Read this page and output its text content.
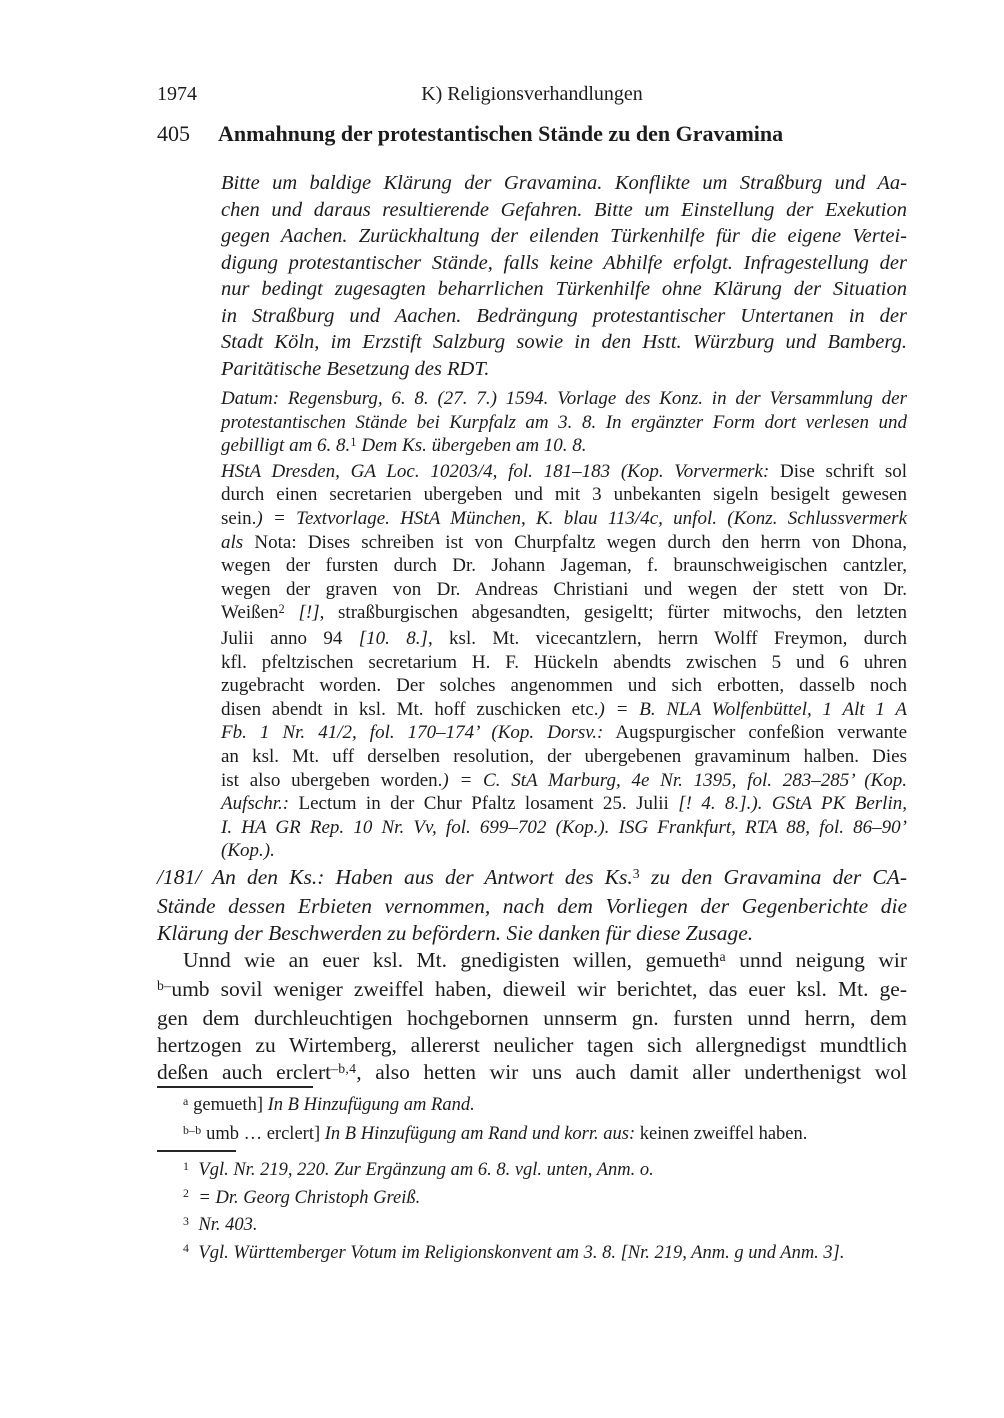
1974	K) Religionsverhandlungen
405 Anmahnung der protestantischen Stände zu den Gravamina
Bitte um baldige Klärung der Gravamina. Konflikte um Straßburg und Aa-
chen und daraus resultierende Gefahren. Bitte um Einstellung der Exekution
gegen Aachen. Zurückhaltung der eilenden Türkenhilfe für die eigene Vertei-
digung protestantischer Stände, falls keine Abhilfe erfolgt. Infragestellung der
nur bedingt zugesagten beharrlichen Türkenhilfe ohne Klärung der Situation
in Straßburg und Aachen. Bedrängung protestantischer Untertanen in der
Stadt Köln, im Erzstift Salzburg sowie in den Hstt. Würzburg und Bamberg.
Paritätische Besetzung des RDT.
Datum: Regensburg, 6. 8. (27. 7.) 1594. Vorlage des Konz. in der Versammlung der
protestantischen Stände bei Kurpfalz am 3. 8. In ergänzter Form dort verlesen und
gebilligt am 6. 8.$^1$ Dem Ks. übergeben am 10. 8.
HStA Dresden, GA Loc. 10203/4, fol. 181–183 (Kop. Vorvermerk: Dise schrift sol
durch einen secretarien ubergeben und mit 3 unbekanten sigeln besigelt gewesen
sein.) = Textvorlage. HStA München, K. blau 113/4c, unfol. (Konz. Schlussvermerk
als Nota: Dises schreiben ist von Churpfaltz wegen durch den herrn von Dhona,
wegen der fursten durch Dr. Johann Jageman, f. braunschweigischen cantzler,
wegen der graven von Dr. Andreas Christiani und wegen der stett von Dr.
Weißen$^2$ [!], straßburgischen abgesandten, gesigeltt; fürter mitwochs, den letzten
Julii anno 94 [10. 8.], ksl. Mt. vicecantzlern, herrn Wolff Freymon, durch
kfl. pfeltzischen secretarium H. F. Hückeln abendts zwischen 5 und 6 uhren
zugebracht worden. Der solches angenommen und sich erbotten, dasselb noch
disen abendt in ksl. Mt. hoff zuschicken etc.) = B. NLA Wolfenbüttel, 1 Alt 1 A
Fb. 1 Nr. 41/2, fol. 170–174’ (Kop. Dorsv.: Augspurgischer confeßion verwante
an ksl. Mt. uff derselben resolution, der ubergebenen gravaminum halben. Dies
ist also ubergeben worden.) = C. StA Marburg, 4e Nr. 1395, fol. 283–285’ (Kop.
Aufschr.: Lectum in der Chur Pfaltz losament 25. Julii [! 4. 8.].). GStA PK Berlin,
I. HA GR Rep. 10 Nr. Vv, fol. 699–702 (Kop.). ISG Frankfurt, RTA 88, fol. 86–90’
(Kop.).
/181/ An den Ks.: Haben aus der Antwort des Ks.$^3$ zu den Gravamina der CA-
Stände dessen Erbieten vernommen, nach dem Vorliegen der Gegenberichte die
Klärung der Beschwerden zu befördern. Sie danken für diese Zusage.
Unnd wie an euer ksl. Mt. gnedigisten willen, gemueth$^a$ unnd neigung wir
$^{b-}$umb sovil weniger zweiffel haben, dieweil wir berichtet, das euer ksl. Mt. ge-
gen dem durchleuchtigen hochgebornen unnserm gn. fursten unnd herrn, dem
hertzogen zu Wirtemberg, allererst neulicher tagen sich allergnedigst mundtlich
deßen auch erclert$^{-b,4}$, also hetten wir uns auch damit aller underthenigst wol
$^a$ gemueth] In B Hinzufügung am Rand.
$^{b-b}$ umb … erclert] In B Hinzufügung am Rand und korr. aus: keinen zweiffel haben.
$^1$ Vgl. Nr. 219, 220. Zur Ergänzung am 6. 8. vgl. unten, Anm. o.
$^2$ = Dr. Georg Christoph Greiß.
$^3$ Nr. 403.
$^4$ Vgl. Württemberger Votum im Religionskonvent am 3. 8. [Nr. 219, Anm. g und Anm. 3].
